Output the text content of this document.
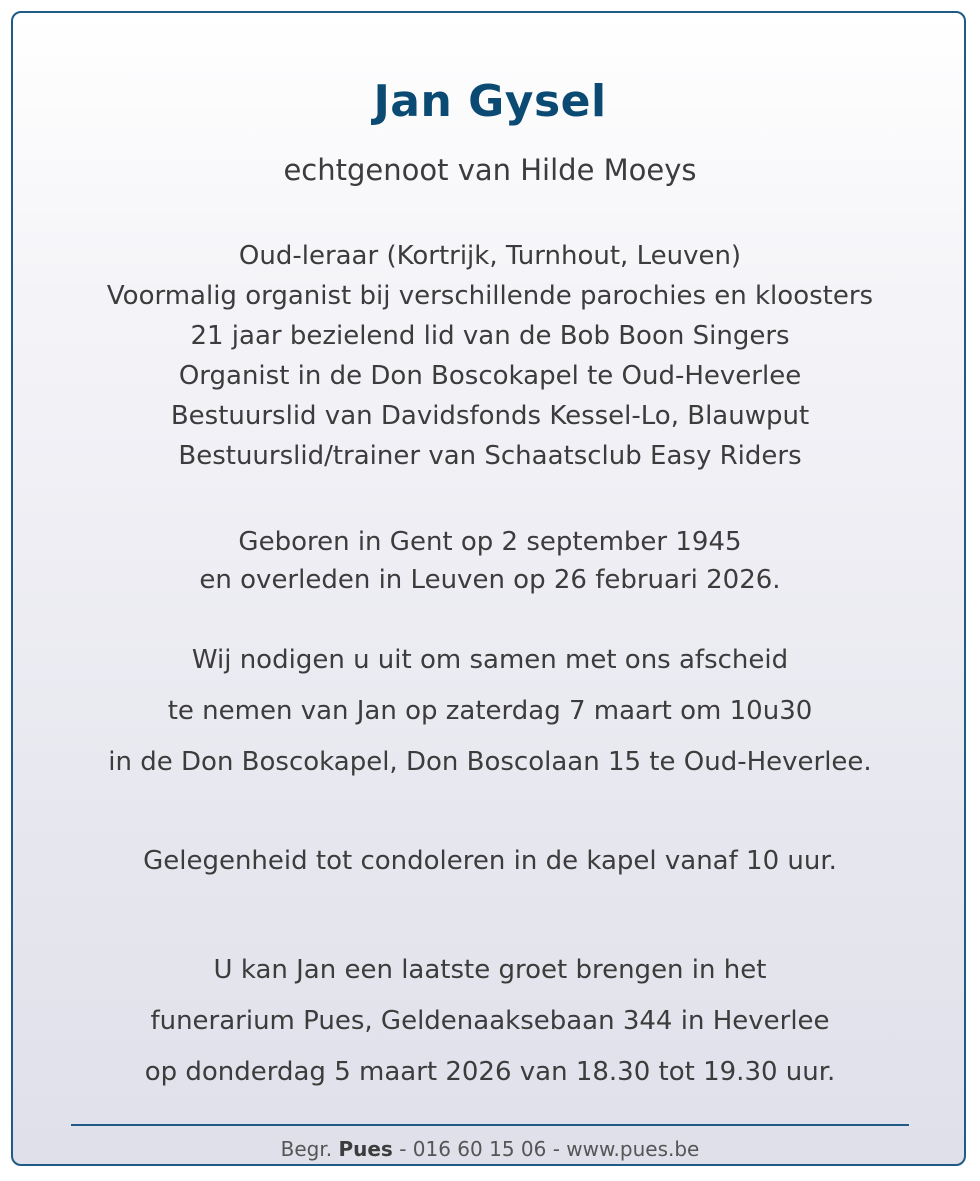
Jan Gysel
echtgenoot van Hilde Moeys
Oud-leraar (Kortrijk, Turnhout, Leuven)
Voormalig organist bij verschillende parochies en kloosters
21 jaar bezielend lid van de Bob Boon Singers
Organist in de Don Boscokapel te Oud-Heverlee
Bestuurslid van Davidsfonds Kessel-Lo, Blauwput
Bestuurslid/trainer van Schaatsclub Easy Riders
Geboren in Gent op 2 september 1945
en overleden in Leuven op 26 februari 2026.
Wij nodigen u uit om samen met ons afscheid
te nemen van Jan op zaterdag 7 maart om 10u30
in de Don Boscokapel, Don Boscolaan 15 te Oud-Heverlee.
Gelegenheid tot condoleren in de kapel vanaf 10 uur.
U kan Jan een laatste groet brengen in het
funerarium Pues, Geldenaaksebaan 344 in Heverlee
op donderdag 5 maart 2026 van 18.30 tot 19.30 uur.
Begr. Pues - 016 60 15 06 - www.pues.be
